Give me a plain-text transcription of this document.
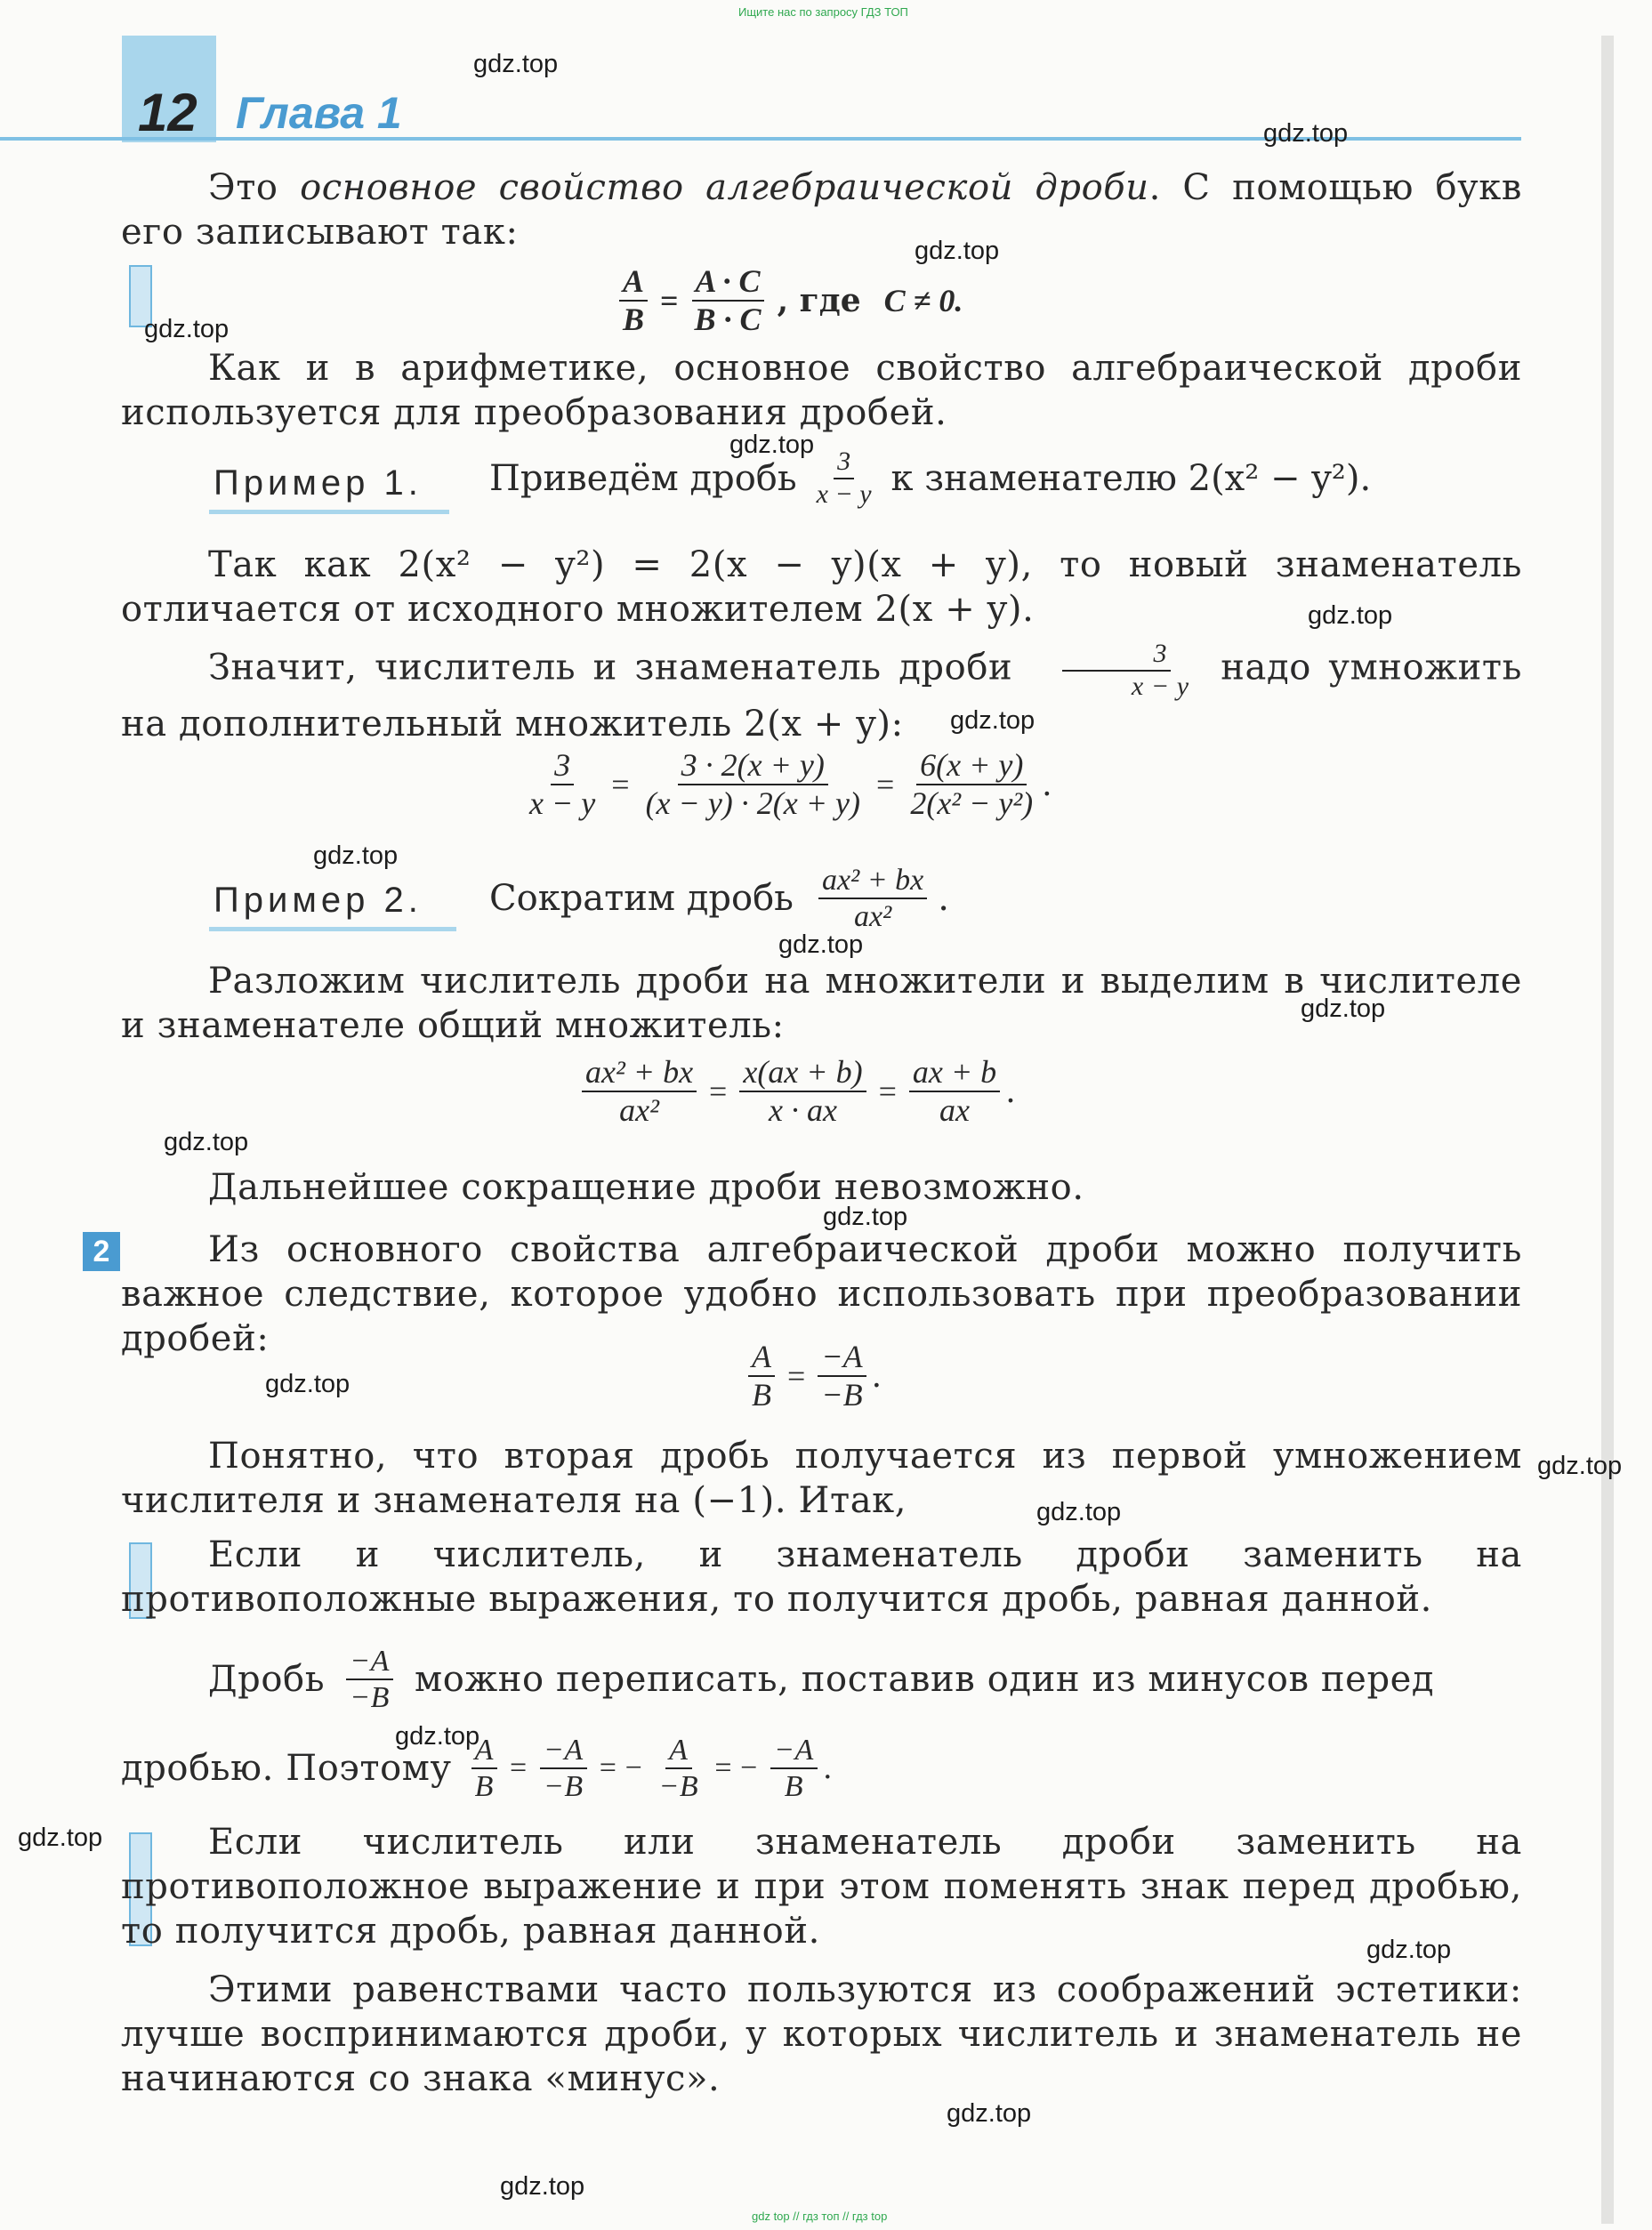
Ищите нас по запросу ГДЗ ТОП
gdz top // гдз топ // гдз top
12 Глава 1
Это основное свойство алгебраической дроби. С помощью букв его записывают так:
$\frac{A}{B} = \frac{A \cdot C}{B \cdot C}$ , где C ≠ 0.
Как и в арифметике, основное свойство алгебраической дроби используется для преобразования дробей.
Пример 1. Приведём дробь $\frac{3}{x - y}$ к знаменателю 2(x² − y²).
Так как 2(x² − y²) = 2(x − y)(x + y), то новый знаменатель отличается от исходного множителем 2(x + y).
Значит, числитель и знаменатель дроби $\frac{3}{x - y}$ надо умножить на дополнительный множитель 2(x + y):
$\frac{3}{x - y} = \frac{3 \cdot 2(x + y)}{(x - y) \cdot 2(x + y)} = \frac{6(x + y)}{\text{2(x² − y²)}}$ .
Пример 2. Сократим дробь $\frac{\text{ax² + bx}}{\text{ax²}}$ .
Разложим числитель дроби на множители и выделим в числителе и знаменателе общий множитель:
$\frac{\text{ax² + bx}}{\text{ax²}} = \frac{x(ax + b)}{x \cdot ax} = \frac{ax + b}{ax}$ .
Дальнейшее сокращение дроби невозможно.
2	Из основного свойства алгебраической дроби можно получить важное следствие, которое удобно использовать при преобразовании дробей:	$\frac{A}{B} = \frac{-A}{-B}$ .
Понятно, что вторая дробь получается из первой умножением числителя и знаменателя на (−1). Итак,
Если и числитель, и знаменатель дроби заменить на противоположные выражения, то получится дробь, равная данной.
Дробь $\frac{-A}{-B}$ можно переписать, поставив один из минусов перед
дробью. Поэтому $\frac{A}{B} = \frac{-A}{-B}$ = − $\frac{A}{-B}$ = − $\frac{-A}{B}$ .
Если числитель или знаменатель дроби заменить на противоположное выражение и при этом поменять знак перед дробью, то получится дробь, равная данной.
Этими равенствами часто пользуются из соображений эстетики: лучше воспринимаются дроби, у которых числитель и знаменатель не начинаются со знака «минус».
gdz.top
gdz.top
gdz.top
gdz.top
gdz.top
gdz.top
gdz.top
gdz.top
gdz.top
gdz.top
gdz.top
gdz.top
gdz.top
gdz.top
gdz.top
gdz.top
gdz.top
gdz.top
gdz.top
gdz.top
